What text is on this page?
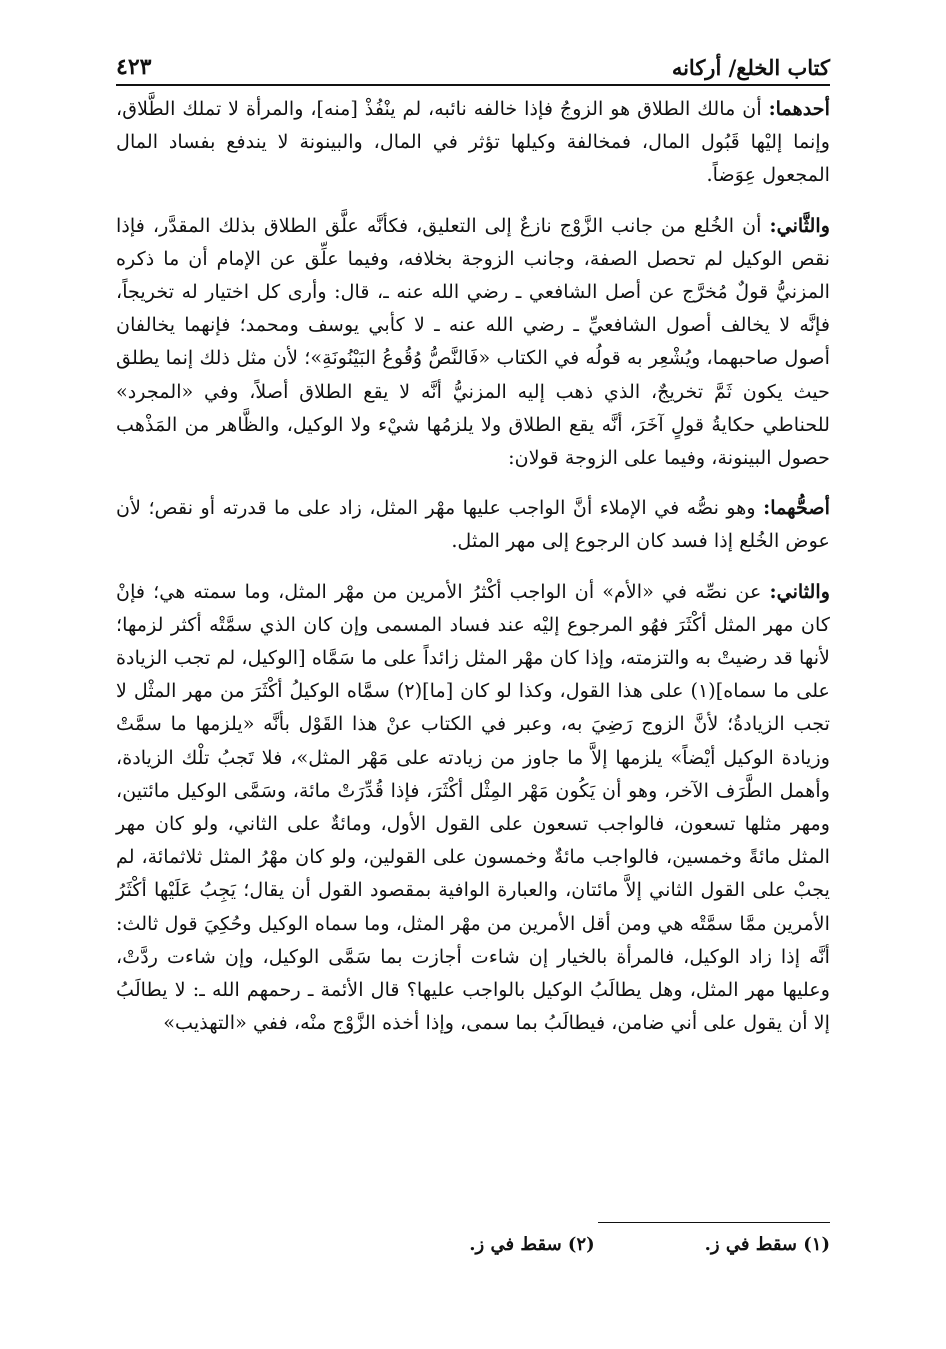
كتاب الخلع/ أركانه
٤٢٣

أحدهما: أن مالك الطلاق هو الزوجُ فإذا خالفه نائبه، لم ينْفُذْ [منه]، والمرأة لا تملك الطَّلاق، وإنما إليْها قَبُول المال، فمخالفة وكيلها تؤثر في المال، والبينونة لا يندفع بفساد المال المجعول عِوَضاً.

والثَّاني: أن الخُلع من جانب الزَّوْج نازعٌ إلى التعليق، فكأنَّه علَّق الطلاق بذلك المقدَّر، فإذا نقص الوكيل لم تحصل الصفة، وجانب الزوجة بخلافه، وفيما علِّق عن الإمام أن ما ذكره المزنيُّ قولٌ مُخرَّج عن أصل الشافعي ـ رضي الله عنه ـ، قال: وأرى كل اختيار له تخريجاً، فإنَّه لا يخالف أصول الشافعيِّ ـ رضي الله عنه ـ لا كأبي يوسف ومحمد؛ فإنهما يخالفان أصول صاحبهما، ويُشْعِر به قولُه في الكتاب «فَالنَّصُّ وُقُوعُ البَيْنُونَةِ»؛ لأن مثل ذلك إنما يطلق حيث يكون ثَمَّ تخريجٌ، الذي ذهب إليه المزنيُّ أنَّه لا يقع الطلاق أصلاً، وفي «المجرد» للحناطي حكايةُ قولٍ آخَرَ، أنَّه يقع الطلاق ولا يلزمُها شيْء ولا الوكيل، والظَّاهر من المَذْهب حصول البينونة، وفيما على الزوجة قولان:

أصحُّهما: وهو نصُّه في الإملاء أنَّ الواجب عليها مهْر المثل، زاد على ما قدرته أو نقص؛ لأن عوض الخُلع إذا فسد كان الرجوع إلى مهر المثل.

والثاني: عن نصِّه في «الأم» أن الواجب أكْثرُ الأمرين من مهْر المثل، وما سمته هي؛ فإنْ كان مهر المثل أكْثَرَ فهُو المرجوع إليْه عند فساد المسمى وإن كان الذي سمَّتْه أكثر لزمها؛ لأنها قد رضيتْ به والتزمته، وإذا كان مهْر المثل زائداً على ما سَمَّاه [الوكيل، لم تجب الزيادة على ما سماه](١) على هذا القول، وكذا لو كان [ما](٢) سمَّاه الوكيلُ أكْثَرَ من مهر المثْل لا تجب الزيادةُ؛ لأنَّ الزوج رَضِيَ به، وعبر في الكتاب عنْ هذا القَوْل بأنَّه «يلزمها ما سمَّتْ وزيادة الوكيل أيْضاً» يلزمها إلاَّ ما جاوز من زيادته على مَهْر المثل»، فلا تَجبُ تلْك الزيادة، وأهمل الطَّرَف الآخر، وهو أن يَكُون مَهْر المِثْل أكْثَرَ، فإذا قُدِّرَتْ مائة، وسَمَّى الوكيل مائتين، ومهر مثلها تسعون، فالواجب تسعون على القول الأول، ومائةٌ على الثاني، ولو كان مهر المثل مائةً وخمسين، فالواجب مائةٌ وخمسون على القولين، ولو كان مهْرُ المثل ثلاثمائة، لم يجبْ على القول الثاني إلاَّ مائتان، والعبارة الوافية بمقصود القول أن يقال؛ يَجِبُ عَلَيْها أكْثَرُ الأمرين ممَّا سمَّتْه هي ومن أقل الأمرين من مهْر المثل، وما سماه الوكيل وحُكِيَ قول ثالث: أنَّه إذا زاد الوكيل، فالمرأة بالخيار إن شاءت أجازت بما سَمَّى الوكيل، وإن شاءت ردَّتْ، وعليها مهر المثل، وهل يطالَبُ الوكيل بالواجب عليها؟ قال الأئمة ـ رحمهم الله ـ: لا يطالَبُ إلا أن يقول على أني ضامن، فيطالَبُ بما سمى، وإذا أخذه الزَّوْج منْه، ففي «التهذيب»

(١) سقط في ز.
(٢) سقط في ز.
